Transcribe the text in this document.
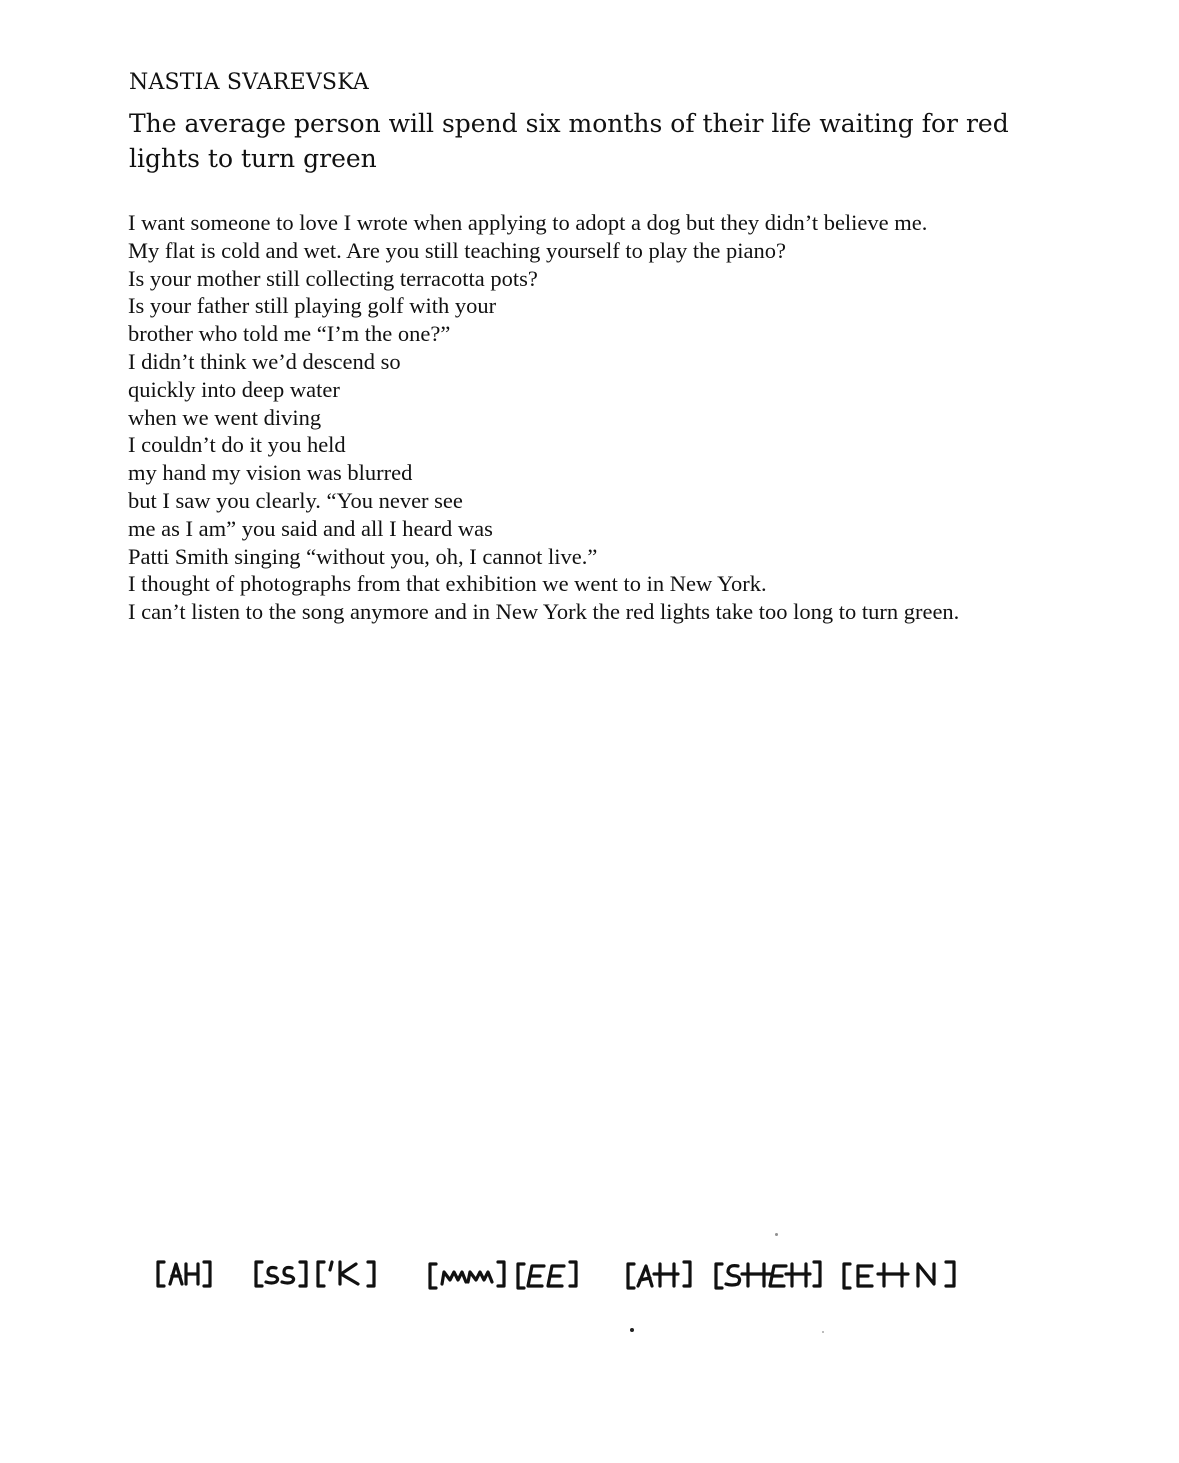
NASTIA SVAREVSKA
The average person will spend six months of their life waiting for red lights to turn green
I want someone to love I wrote when applying to adopt a dog but they didn’t believe me.
My flat is cold and wet. Are you still teaching yourself to play the piano?
Is your mother still collecting terracotta pots?
Is your father still playing golf with your
brother who told me “I’m the one?”
I didn’t think we’d descend so
quickly into deep water
when we went diving
I couldn’t do it you held
my hand my vision was blurred
but I saw you clearly. “You never see
me as I am” you said and all I heard was
Patti Smith singing “without you, oh, I cannot live.”
I thought of photographs from that exhibition we went to in New York.
I can’t listen to the song anymore and in New York the red lights take too long to turn green.
